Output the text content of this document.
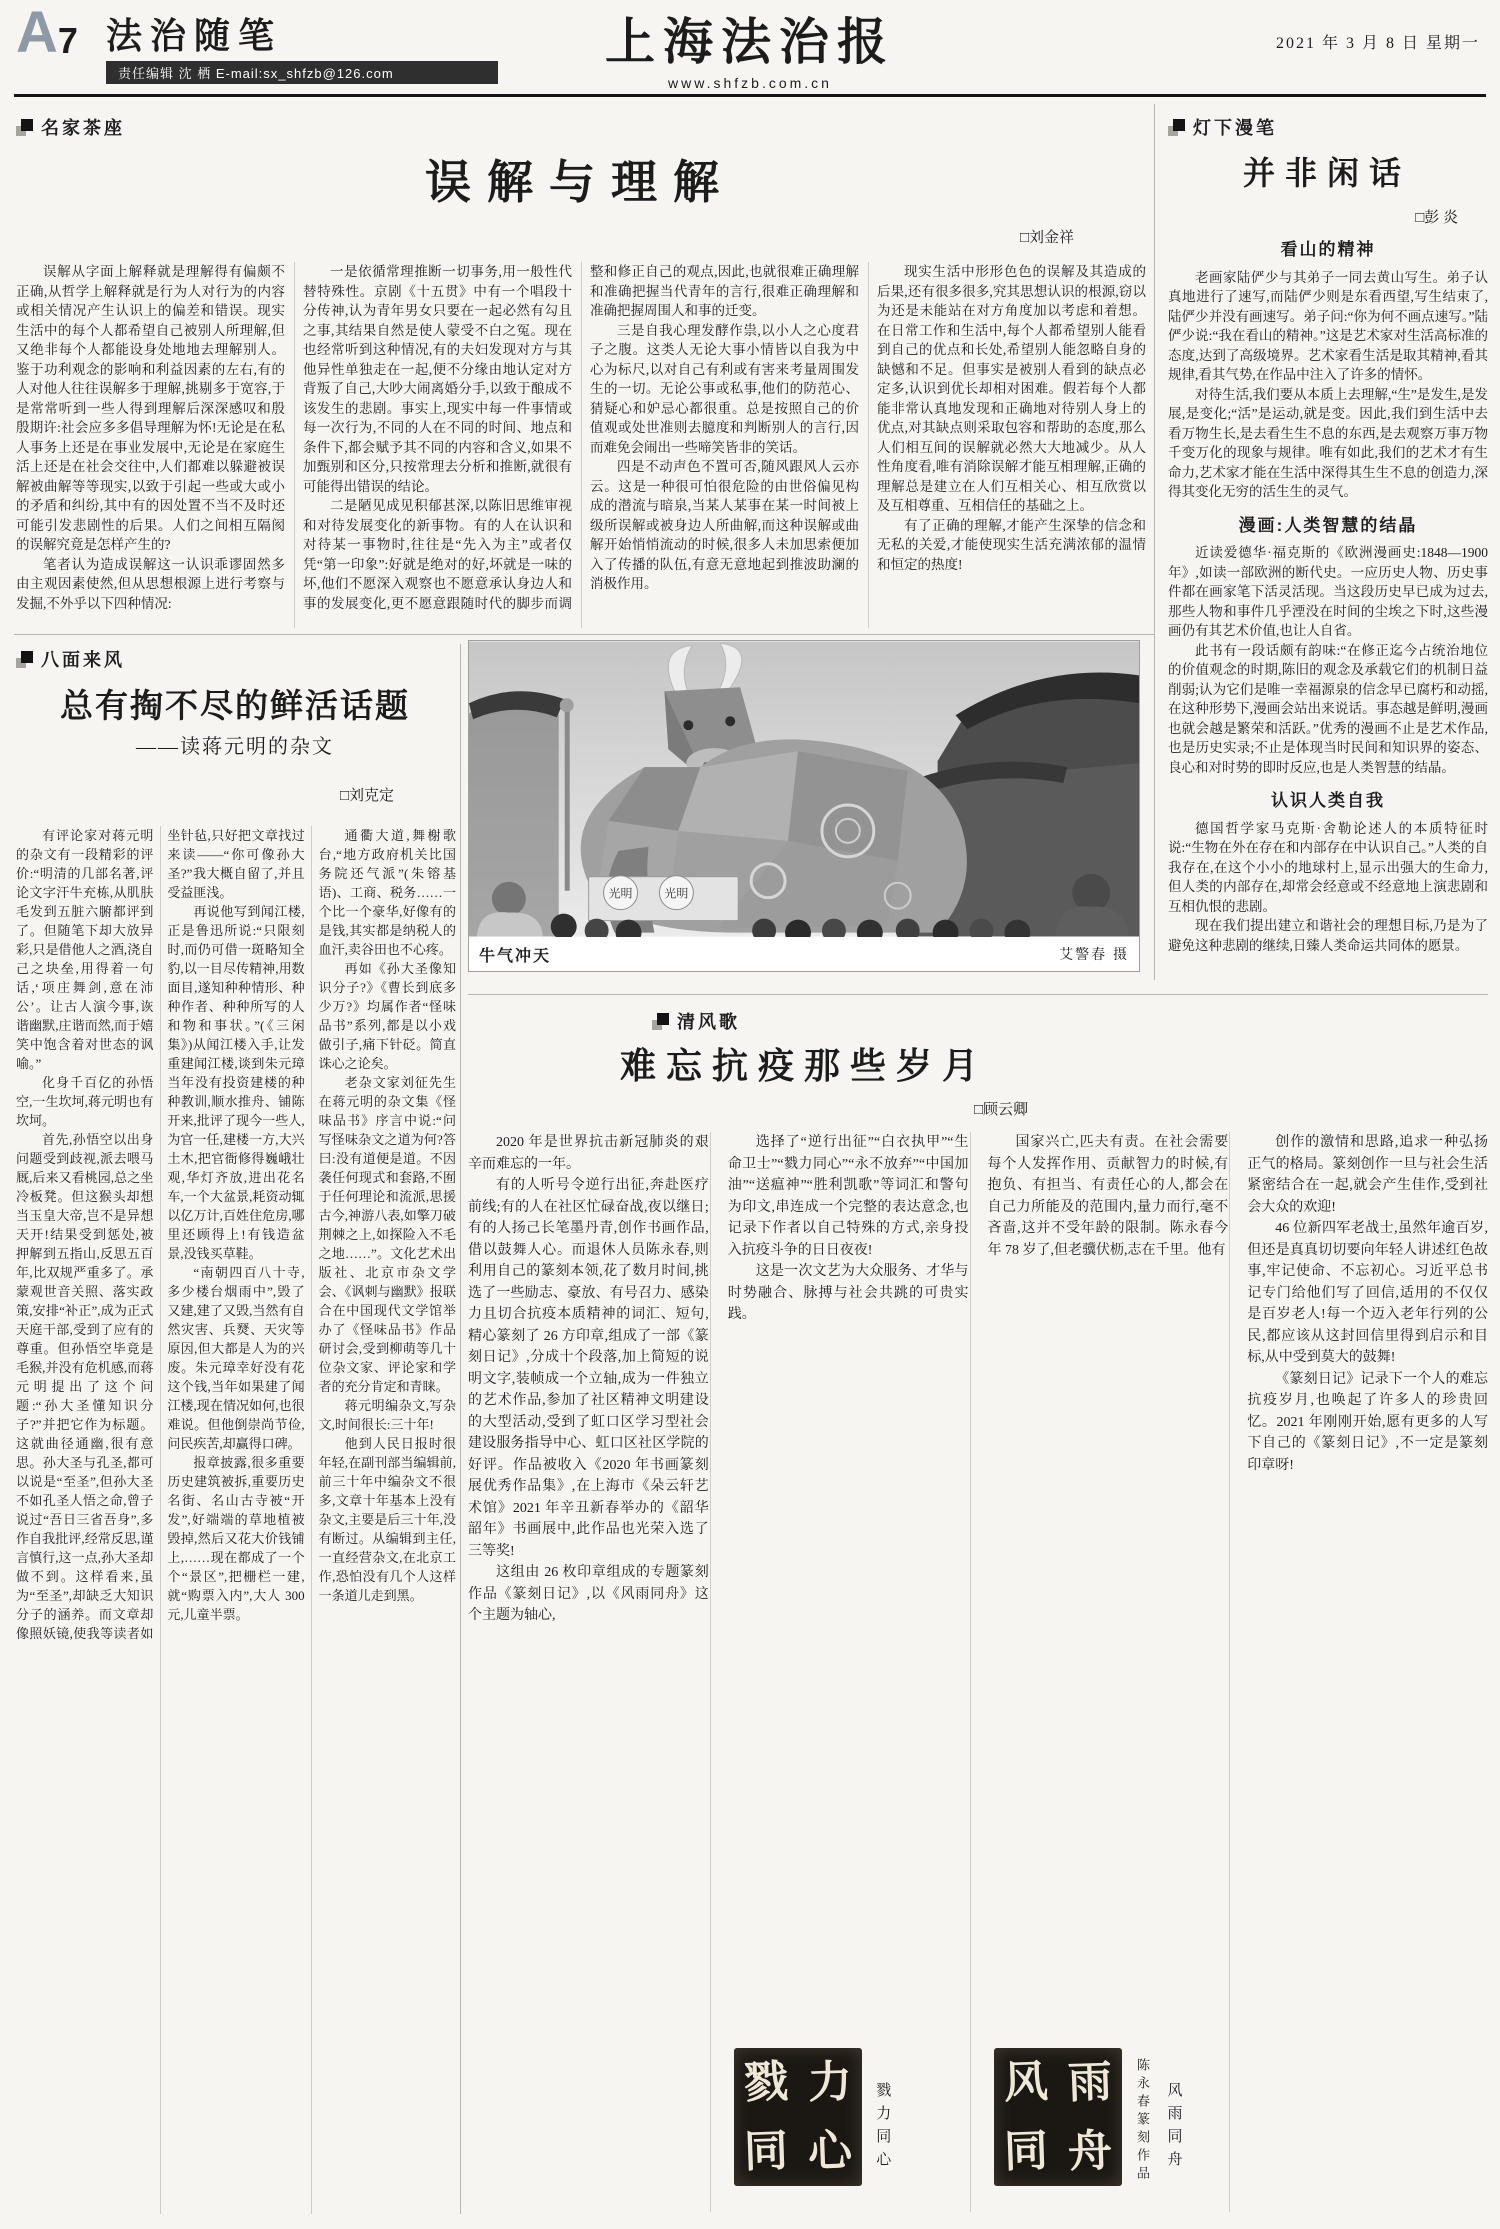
A 7 法治随笔
责任编辑 沈 栖 E-mail:sx_shfzb@126.com
上海法治报
www.shfzb.com.cn
2021 年 3 月 8 日 星期一
名家茶座
误解与理解
□刘金祥

误解从字面上解释就是理解得有偏颇不正确,从哲学上解释就是行为人对行为的内容或相关情况产生认识上的偏差和错误。现实生活中的每个人都希望自己被别人所理解,但又绝非每个人都能设身处地地去理解别人。鉴于功利观念的影响和利益因素的左右,有的人对他人往往误解多于理解,挑剔多于宽容,于是常常听到一些人得到理解后深深感叹和殷殷期许:社会应多多倡导理解为怀!无论是在私人事务上还是在事业发展中,无论是在家庭生活上还是在社会交往中,人们都难以躲避被误解被曲解等等现实,以致于引起一些或大或小的矛盾和纠纷,其中有的因处置不当不及时还可能引发悲剧性的后果。人们之间相互隔阂的误解究竟是怎样产生的?

笔者认为造成误解这一认识乖谬固然多由主观因素使然,但从思想根源上进行考察与发掘,不外乎以下四种情况:

一是依循常理推断一切事务,用一般性代替特殊性。京剧《十五贯》中有一个唱段十分传神,认为青年男女只要在一起必然有勾且之事,其结果自然是使人蒙受不白之冤。现在也经常听到这种情况,有的夫妇发现对方与其他异性单独走在一起,便不分缘由地认定对方背叛了自己,大吵大闹离婚分手,以致于酿成不该发生的悲剧。事实上,现实中每一件事情或每一次行为,不同的人在不同的时间、地点和条件下,都会赋予其不同的内容和含义,如果不加甄别和区分,只按常理去分析和推断,就很有可能得出错误的结论。

二是陋见成见积郁甚深,以陈旧思维审视和对待发展变化的新事物。有的人在认识和对待某一事物时,往往是“先入为主”或者仅凭“第一印象”:好就是绝对的好,坏就是一味的坏,他们不愿深入观察也不愿意承认身边人和事的发展变化,更不愿意跟随时代的脚步而调整和修正自己的观点,因此,也就很难正确理解和准确把握当代青年的言行,很难正确理解和准确把握周围人和事的迁变。

三是自我心理发酵作祟,以小人之心度君子之腹。这类人无论大事小情皆以自我为中心为标尺,以对自己有利或有害来考量周围发生的一切。无论公事或私事,他们的防范心、猜疑心和妒忌心都很重。总是按照自己的价值观或处世准则去臆度和判断别人的言行,因而难免会闹出一些啼笑皆非的笑话。

四是不动声色不置可否,随风跟风人云亦云。这是一种很可怕很危险的由世俗偏见构成的潜流与暗泉,当某人某事在某一时间被上级所误解或被身边人所曲解,而这种误解或曲解开始悄悄流动的时候,很多人未加思索便加入了传播的队伍,有意无意地起到推波助澜的消极作用。

现实生活中形形色色的误解及其造成的后果,还有很多很多,究其思想认识的根源,窃以为还是未能站在对方角度加以考虑和着想。在日常工作和生活中,每个人都希望别人能看到自己的优点和长处,希望别人能忽略自身的缺憾和不足。但事实是被别人看到的缺点必定多,认识到优长却相对困难。假若每个人都能非常认真地发现和正确地对待别人身上的优点,对其缺点则采取包容和帮助的态度,那么人们相互间的误解就必然大大地减少。从人性角度看,唯有消除误解才能互相理解,正确的理解总是建立在人们互相关心、相互欣赏以及互相尊重、互相信任的基础之上。

有了正确的理解,才能产生深挚的信念和无私的关爱,才能使现实生活充满浓郁的温情和恒定的热度!

灯下漫笔
并非闲话
□彭 炎
看山的精神

老画家陆俨少与其弟子一同去黄山写生。弟子认真地进行了速写,而陆俨少则是东看西望,写生结束了,陆俨少并没有画速写。弟子问:“你为何不画点速写。”陆俨少说:“我在看山的精神。”这是艺术家对生活高标准的态度,达到了高级境界。艺术家看生活是取其精神,看其规律,看其气势,在作品中注入了许多的情怀。

对待生活,我们要从本质上去理解,“生”是发生,是发展,是变化;“活”是运动,就是变。因此,我们到生活中去看万物生长,是去看生生不息的东西,是去观察万事万物千变万化的现象与规律。唯有如此,我们的艺术才有生命力,艺术家才能在生活中深得其生生不息的创造力,深得其变化无穷的活生生的灵气。

漫画:人类智慧的结晶

近读爱德华·福克斯的《欧洲漫画史:1848—1900 年》,如读一部欧洲的断代史。一应历史人物、历史事件都在画家笔下活灵活现。当这段历史早已成为过去,那些人物和事件几乎湮没在时间的尘埃之下时,这些漫画仍有其艺术价值,也让人自省。

此书有一段话颇有韵味:“在修正迄今占统治地位的价值观念的时期,陈旧的观念及承载它们的机制日益削弱;认为它们是唯一幸福源泉的信念早已腐朽和动摇,在这种形势下,漫画会站出来说话。事态越是鲜明,漫画也就会越是繁荣和活跃。”优秀的漫画不止是艺术作品,也是历史实录;不止是体现当时民间和知识界的姿态、良心和对时势的即时反应,也是人类智慧的结晶。

认识人类自我

德国哲学家马克斯·舍勒论述人的本质特征时说:“生物在外在存在和内部存在中认识自己。”人类的自我存在,在这个小小的地球村上,显示出强大的生命力,但人类的内部存在,却常会经意或不经意地上演悲剧和互相仇恨的悲剧。

现在我们提出建立和谐社会的理想目标,乃是为了避免这种悲剧的继续,日臻人类命运共同体的愿景。

八面来风
总有掏不尽的鲜活话题
——读蒋元明的杂文
□刘克定

有评论家对蒋元明的杂文有一段精彩的评价:“明清的几部名著,评论文字汗牛充栋,从肌肤毛发到五脏六腑都评到了。但随笔下却大放异彩,只是借他人之酒,浇自己之块垒,用得着一句话,‘项庄舞剑,意在沛公’。让古人演今事,诙谐幽默,庄谐而然,而于嬉笑中饱含着对世态的讽喻。”

化身千百亿的孙悟空,一生坎坷,蒋元明也有坎坷。

首先,孙悟空以出身问题受到歧视,派去喂马厩,后来又看桃园,总之坐冷板凳。但这猴头却想当玉皇大帝,岂不是异想天开!结果受到惩处,被押解到五指山,反思五百年,比双规严重多了。承蒙观世音关照、落实政策,安排“补正”,成为正式天庭干部,受到了应有的尊重。但孙悟空毕竟是毛猴,并没有危机感,而蒋元明提出了这个问题:“孙大圣懂知识分子?”并把它作为标题。这就曲径通幽,很有意思。孙大圣与孔圣,都可以说是“至圣”,但孙大圣不如孔圣人悟之命,曾子说过“吾日三省吾身”,多作自我批评,经常反思,谨言慎行,这一点,孙大圣却做不到。这样看来,虽为“至圣”,却缺乏大知识分子的涵养。而文章却像照妖镜,使我等读者如坐针毡,只好把文章找过来读——“你可像孙大圣?”我大概自留了,并且受益匪浅。

再说他写到闻江楼,正是鲁迅所说:“只限刻时,而仍可借一斑略知全豹,以一目尽传精神,用数面目,遂知种种情形、种种作者、种种所写的人和物和事状。”(《三闲集》)从闻江楼入手,让发重建闻江楼,谈到朱元璋当年没有投资建楼的种种教训,顺水推舟、铺陈开来,批评了现今一些人,为官一任,建楼一方,大兴土木,把官衙修得巍峨壮观,华灯齐放,进出花名车,一个大盆景,耗资动辄以亿万计,百姓住危房,哪里还顾得上!有钱造盆景,没钱买草鞋。

“南朝四百八十寺,多少楼台烟雨中”,毁了又建,建了又毁,当然有自然灾害、兵燹、天灾等原因,但大都是人为的兴废。朱元璋幸好没有花这个钱,当年如果建了闻江楼,现在情况如何,也很难说。但他倒崇尚节俭,问民疾苦,却赢得口碑。

报章披露,很多重要历史建筑被拆,重要历史名街、名山古寺被“开发”,好端端的草地植被毁掉,然后又花大价钱铺上,……现在都成了一个个“景区”,把栅栏一建,就“购票入内”,大人 300 元,儿童半票。

通衢大道,舞榭歌台,“地方政府机关比国务院还气派”(朱镕基语)、工商、税务……一个比一个豪华,好像有的是钱,其实都是纳税人的血汗,卖谷田也不心疼。

再如《孙大圣像知识分子?》《曹长到底多少万?》均属作者“怪味品书”系列,都是以小戏做引子,痛下针砭。简直诛心之论矣。

老杂文家刘征先生在蒋元明的杂文集《怪味品书》序言中说:“问写怪味杂文之道为何?答曰:没有道便是道。不因袭任何现式和套路,不囿于任何理论和流派,思援古今,神游八表,如擎刀破荆棘之上,如探险入不毛之地……”。文化艺术出版社、北京市杂文学会、《讽刺与幽默》报联合在中国现代文学馆举办了《怪味品书》作品研讨会,受到柳萌等几十位杂文家、评论家和学者的充分肯定和青睐。

蒋元明编杂文,写杂文,时间很长:三十年!

他到人民日报时很年轻,在副刊部当编辑前,前三十年中编杂文不很多,文章十年基本上没有杂文,主要是后三十年,没有断过。从编辑到主任,一直经营杂文,在北京工作,恐怕没有几个人这样一条道儿走到黑。

光明	光明
牛气冲天	艾警春 摄
清风歌
难忘抗疫那些岁月
□顾云卿

2020 年是世界抗击新冠肺炎的艰辛而难忘的一年。

有的人听号令逆行出征,奔赴医疗前线;有的人在社区忙碌奋战,夜以继日;有的人扬己长笔墨丹青,创作书画作品,借以鼓舞人心。而退休人员陈永春,则利用自己的篆刻本领,花了数月时间,挑选了一些励志、豪放、有号召力、感染力且切合抗疫本质精神的词汇、短句,精心篆刻了 26 方印章,组成了一部《篆刻日记》,分成十个段落,加上简短的说明文字,装帧成一个立轴,成为一件独立的艺术作品,参加了社区精神文明建设的大型活动,受到了虹口区学习型社会建设服务指导中心、虹口区社区学院的好评。作品被收入《2020 年书画篆刻展优秀作品集》,在上海市《朵云轩艺术馆》2021 年辛丑新春举办的《韶华韶年》书画展中,此作品也光荣入选了三等奖!

这组由 26 枚印章组成的专题篆刻作品《篆刻日记》,以《风雨同舟》这个主题为轴心,

选择了“逆行出征”“白衣执甲”“生命卫士”“戮力同心”“永不放弃”“中国加油”“送瘟神”“胜利凯歌”等词汇和警句为印文,串连成一个完整的表达意念,也记录下作者以自己特殊的方式,亲身投入抗疫斗争的日日夜夜!

这是一次文艺为大众服务、才华与时势融合、脉搏与社会共跳的可贵实践。

戮 力
同 心 戮力同心

国家兴亡,匹夫有责。在社会需要每个人发挥作用、贡献智力的时候,有抱负、有担当、有责任心的人,都会在自己力所能及的范围内,量力而行,毫不吝啬,这并不受年龄的限制。陈永春今年 78 岁了,但老骥伏枥,志在千里。他有

风 雨
同 舟 陈永春篆刻作品 风雨同舟

创作的激情和思路,追求一种弘扬正气的格局。篆刻创作一旦与社会生活紧密结合在一起,就会产生佳作,受到社会大众的欢迎!

46 位新四军老战士,虽然年逾百岁,但还是真真切切要向年轻人讲述红色故事,牢记使命、不忘初心。习近平总书记专门给他们写了回信,适用的不仅仅是百岁老人!每一个迈入老年行列的公民,都应该从这封回信里得到启示和目标,从中受到莫大的鼓舞!

《篆刻日记》记录下一个人的难忘抗疫岁月,也唤起了许多人的珍贵回忆。2021 年刚刚开始,愿有更多的人写下自己的《篆刻日记》,不一定是篆刻印章呀!
